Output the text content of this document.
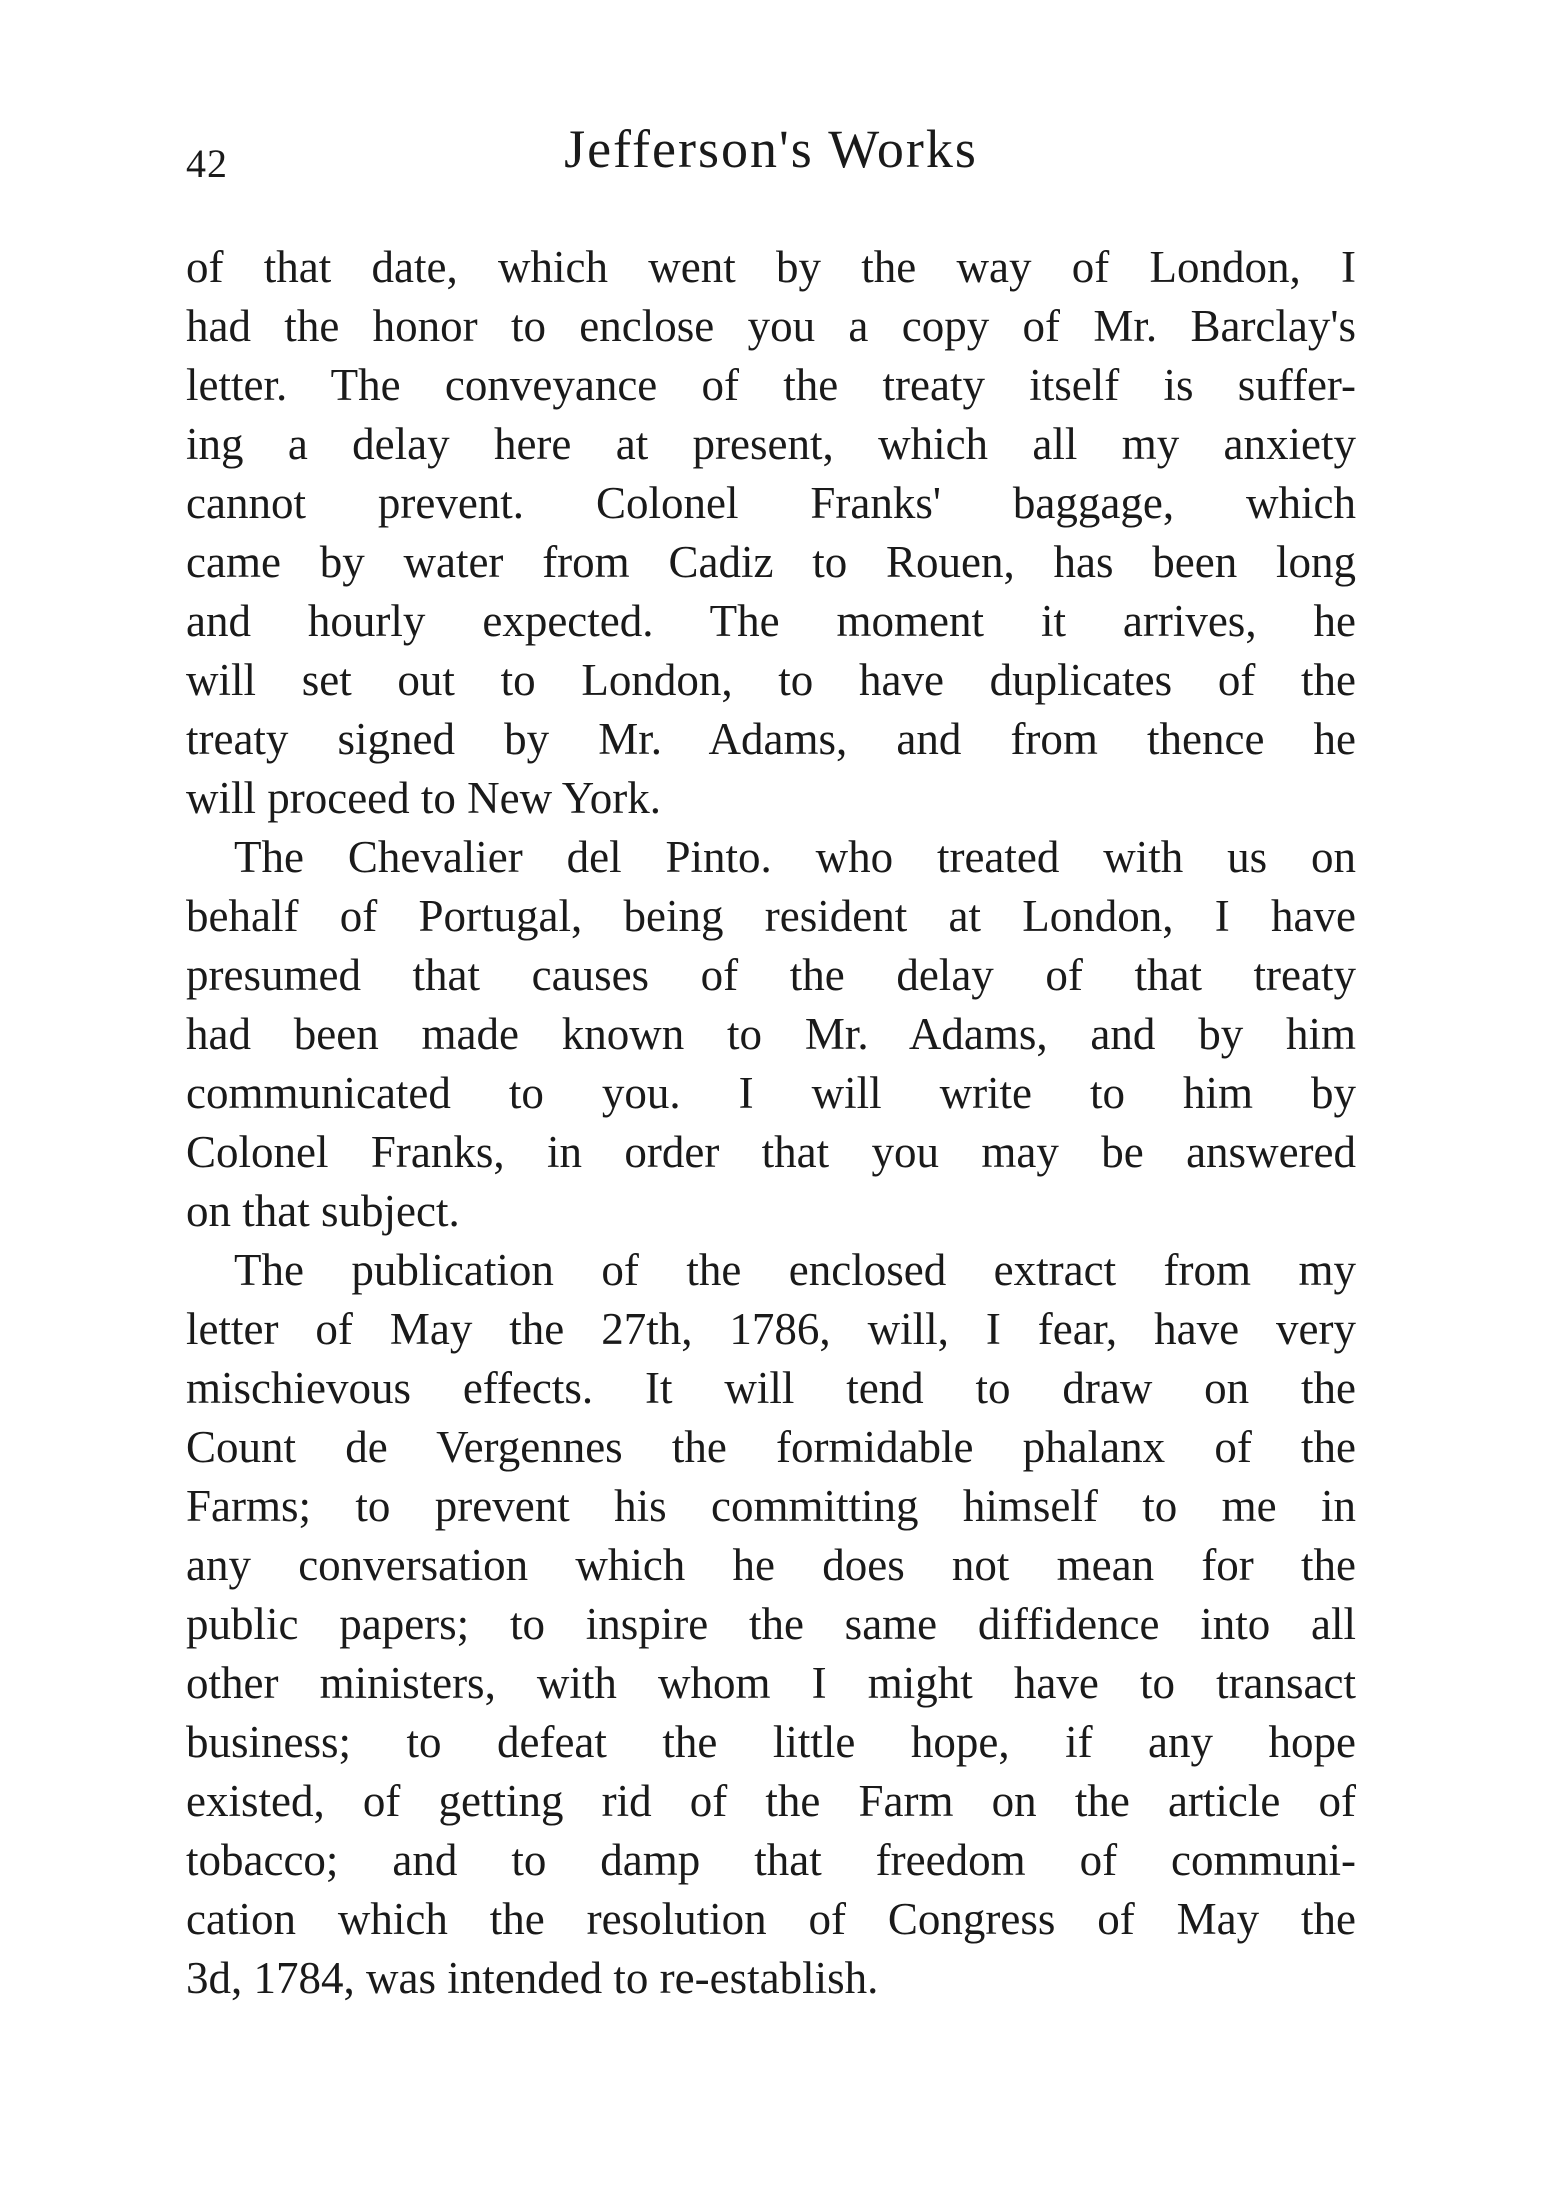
42	Jefferson's Works
of that date, which went by the way of London, I
had the honor to enclose you a copy of Mr. Barclay's
letter. The conveyance of the treaty itself is suffer-
ing a delay here at present, which all my anxiety
cannot prevent. Colonel Franks' baggage, which
came by water from Cadiz to Rouen, has been long
and hourly expected. The moment it arrives, he
will set out to London, to have duplicates of the
treaty signed by Mr. Adams, and from thence he
will proceed to New York.
The Chevalier del Pinto. who treated with us on
behalf of Portugal, being resident at London, I have
presumed that causes of the delay of that treaty
had been made known to Mr. Adams, and by him
communicated to you. I will write to him by
Colonel Franks, in order that you may be answered
on that subject.
The publication of the enclosed extract from my
letter of May the 27th, 1786, will, I fear, have very
mischievous effects. It will tend to draw on the
Count de Vergennes the formidable phalanx of the
Farms; to prevent his committing himself to me in
any conversation which he does not mean for the
public papers; to inspire the same diffidence into all
other ministers, with whom I might have to transact
business; to defeat the little hope, if any hope
existed, of getting rid of the Farm on the article of
tobacco; and to damp that freedom of communi-
cation which the resolution of Congress of May the
3d, 1784, was intended to re-establish.
